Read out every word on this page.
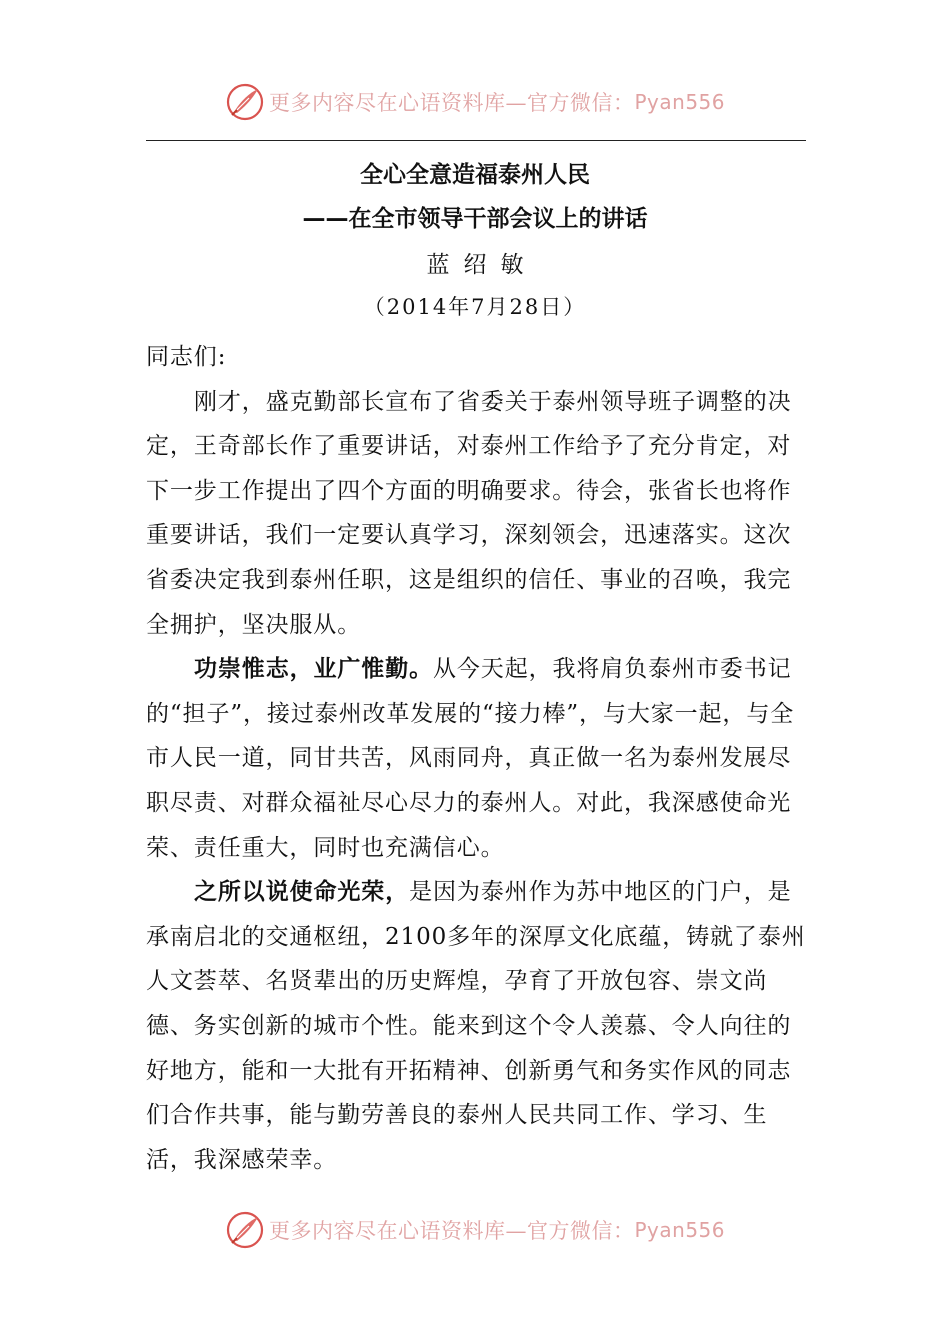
更多内容尽在心语资料库—官方微信： Pyan556
全心全意造福泰州人民
——在全市领导干部会议上的讲话
蓝绍敏
（2014年7月28日）

同志们:

刚才，盛克勤部长宣布了省委关于泰州领导班子调整的决定，王奇部长作了重要讲话，对泰州工作给予了充分肯定，对下一步工作提出了四个方面的明确要求。待会，张省长也将作重要讲话，我们一定要认真学习，深刻领会，迅速落实。这次省委决定我到泰州任职，这是组织的信任、事业的召唤，我完全拥护，坚决服从。

功崇惟志，业广惟勤。从今天起，我将肩负泰州市委书记的“担子”，接过泰州改革发展的“接力棒”，与大家一起，与全市人民一道，同甘共苦，风雨同舟，真正做一名为泰州发展尽职尽责、对群众福祉尽心尽力的泰州人。对此，我深感使命光荣、责任重大，同时也充满信心。

之所以说使命光荣，是因为泰州作为苏中地区的门户，是承南启北的交通枢纽，2100多年的深厚文化底蕴，铸就了泰州人文荟萃、名贤辈出的历史辉煌，孕育了开放包容、崇文尚德、务实创新的城市个性。能来到这个令人羡慕、令人向往的好地方，能和一大批有开拓精神、创新勇气和务实作风的同志们合作共事，能与勤劳善良的泰州人民共同工作、学习、生活，我深感荣幸。

更多内容尽在心语资料库—官方微信： Pyan556
